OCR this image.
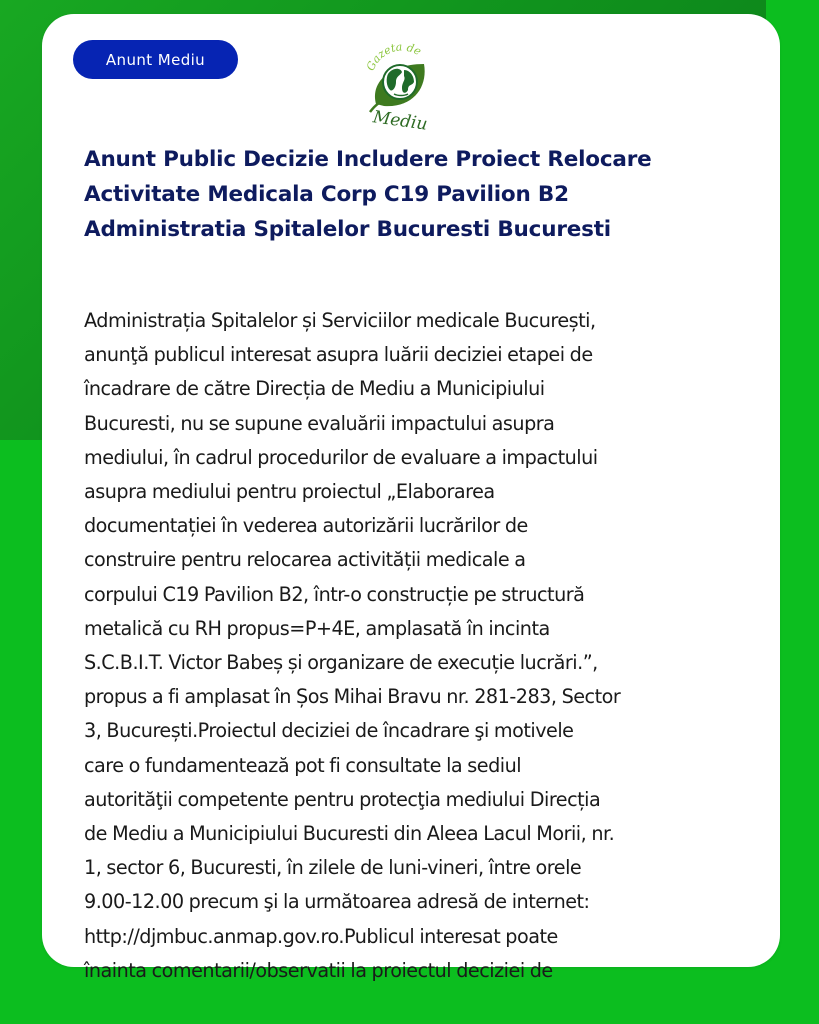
Anunt Mediu	Gazeta de
Mediu
Anunt Public Decizie Includere Proiect Relocare
Activitate Medicala Corp C19 Pavilion B2
Administratia Spitalelor Bucuresti Bucuresti

Administrația Spitalelor și Serviciilor medicale București,
anunţă publicul interesat asupra luării deciziei etapei de
încadrare de către Direcția de Mediu a Municipiului
Bucuresti, nu se supune evaluării impactului asupra
mediului, în cadrul procedurilor de evaluare a impactului
asupra mediului pentru proiectul „Elaborarea
documentației în vederea autorizării lucrărilor de
construire pentru relocarea activității medicale a
corpului C19 Pavilion B2, într-o construcție pe structură
metalică cu RH propus=P+4E, amplasată în incinta
S.C.B.I.T. Victor Babeș și organizare de execuție lucrări.”,
propus a fi amplasat în Șos Mihai Bravu nr. 281-283, Sector
3, București.Proiectul deciziei de încadrare şi motivele
care o fundamentează pot fi consultate la sediul
autorităţii competente pentru protecţia mediului Direcția
de Mediu a Municipiului Bucuresti din Aleea Lacul Morii, nr.
1, sector 6, Bucuresti, în zilele de luni-vineri, între orele
9.00-12.00 precum şi la următoarea adresă de internet:
http://djmbuc.anmap.gov.ro.Publicul interesat poate
înainta comentarii/observatii la proiectul deciziei de
